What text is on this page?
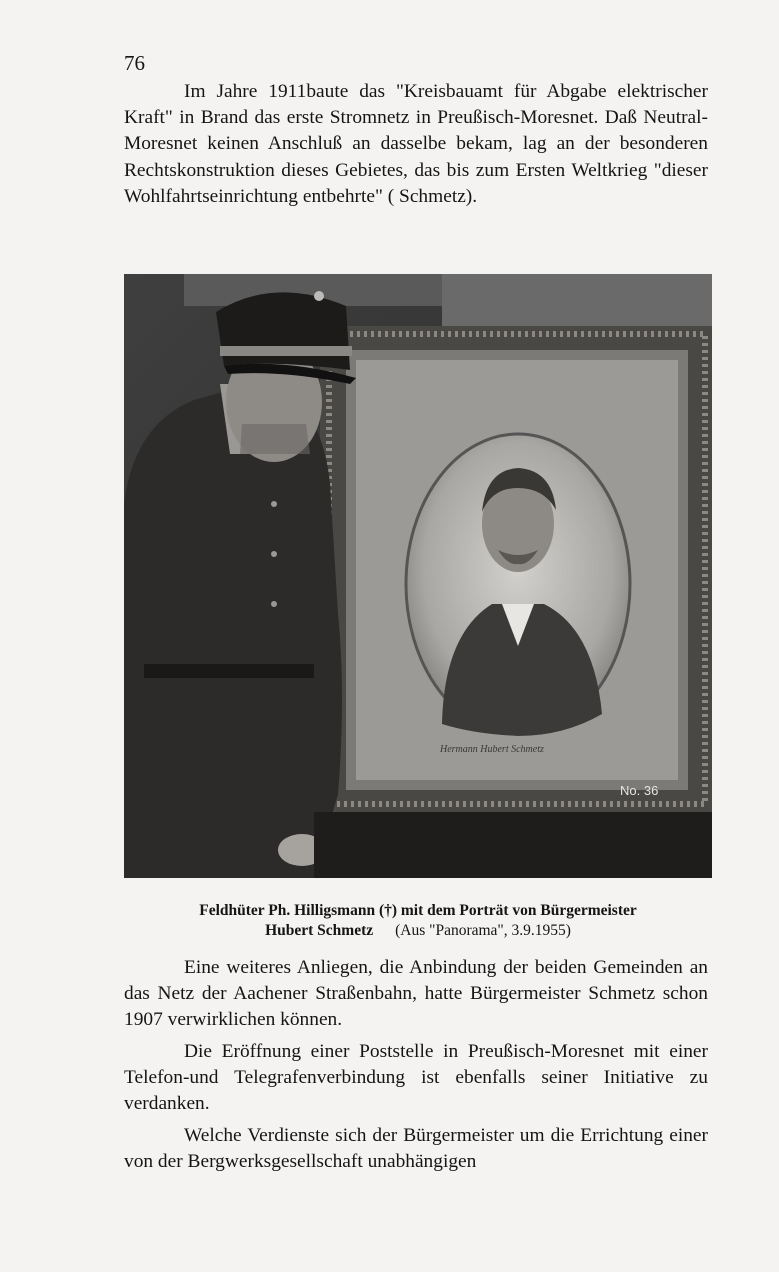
76

Im Jahre 1911baute das "Kreisbauamt für Abgabe elektrischer Kraft" in Brand das erste Stromnetz in Preußisch-Moresnet. Daß Neutral-Moresnet keinen Anschluß an dasselbe bekam, lag an der besonderen Rechtskonstruktion dieses Gebietes, das bis zum Ersten Weltkrieg "dieser Wohlfahrtseinrichtung entbehrte" ( Schmetz).

No. 36
Hermann Hubert Schmetz
Feldhüter Ph. Hilligsmann (†) mit dem Porträt von Bürgermeister
Hubert Schmetz (Aus "Panorama", 3.9.1955)

Eine weiteres Anliegen, die Anbindung der beiden Gemeinden an das Netz der Aachener Straßenbahn, hatte Bürgermeister Schmetz schon 1907 verwirklichen können.

Die Eröffnung einer Poststelle in Preußisch-Moresnet mit einer Telefon-und Telegrafenverbindung ist ebenfalls seiner Initiative zu verdanken.

Welche Verdienste sich der Bürgermeister um die Errichtung einer von der Bergwerksgesellschaft unabhängigen
